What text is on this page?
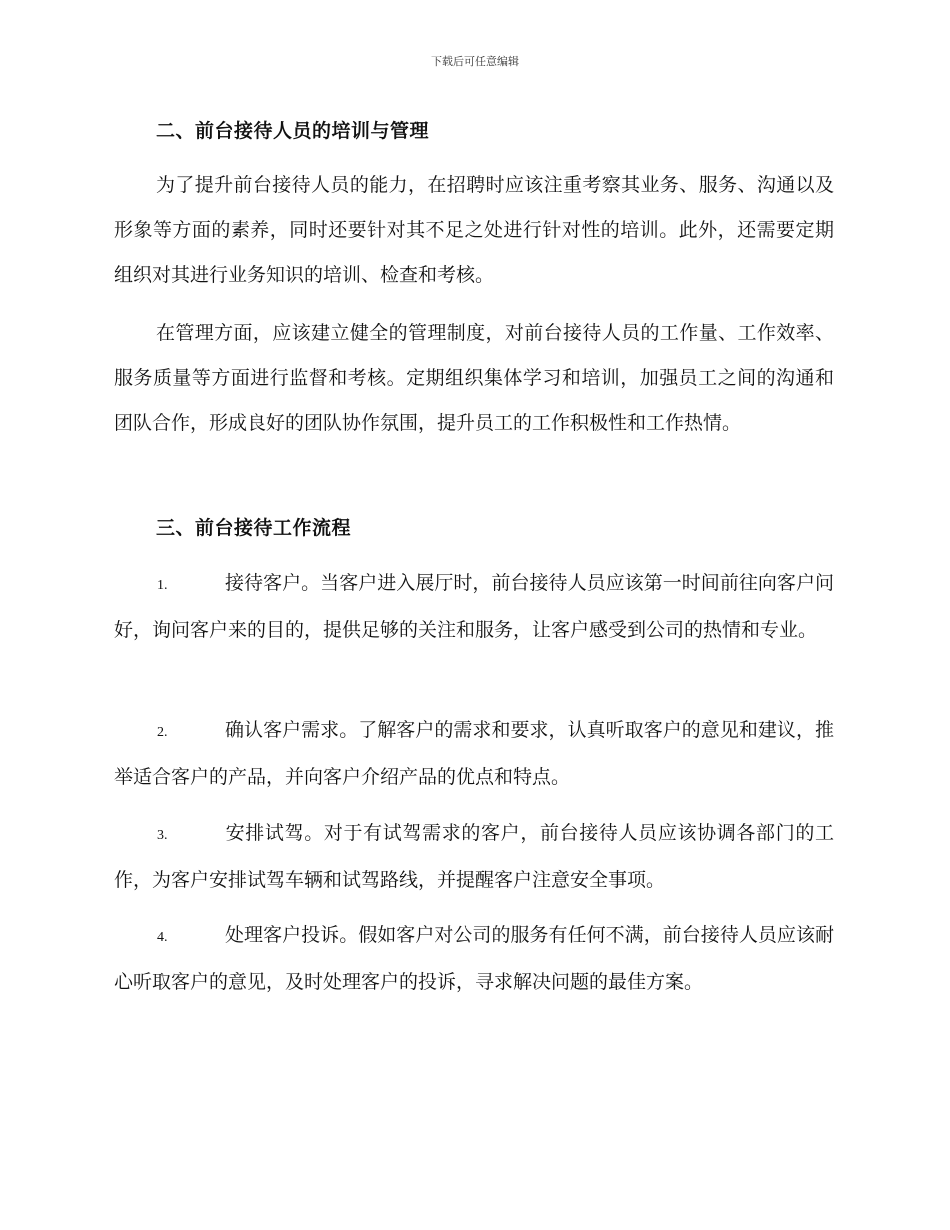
下载后可任意编辑
二、前台接待人员的培训与管理
为了提升前台接待人员的能力，在招聘时应该注重考察其业务、服务、沟通以及形象等方面的素养，同时还要针对其不足之处进行针对性的培训。此外，还需要定期组织对其进行业务知识的培训、检查和考核。
在管理方面，应该建立健全的管理制度，对前台接待人员的工作量、工作效率、服务质量等方面进行监督和考核。定期组织集体学习和培训，加强员工之间的沟通和团队合作，形成良好的团队协作氛围，提升员工的工作积极性和工作热情。
三、前台接待工作流程
1.	接待客户。当客户进入展厅时，前台接待人员应该第一时间前往向客户问好，询问客户来的目的，提供足够的关注和服务，让客户感受到公司的热情和专业。
2.	确认客户需求。了解客户的需求和要求，认真听取客户的意见和建议，推举适合客户的产品，并向客户介绍产品的优点和特点。
3.	安排试驾。对于有试驾需求的客户，前台接待人员应该协调各部门的工作，为客户安排试驾车辆和试驾路线，并提醒客户注意安全事项。
4.	处理客户投诉。假如客户对公司的服务有任何不满，前台接待人员应该耐心听取客户的意见，及时处理客户的投诉，寻求解决问题的最佳方案。
